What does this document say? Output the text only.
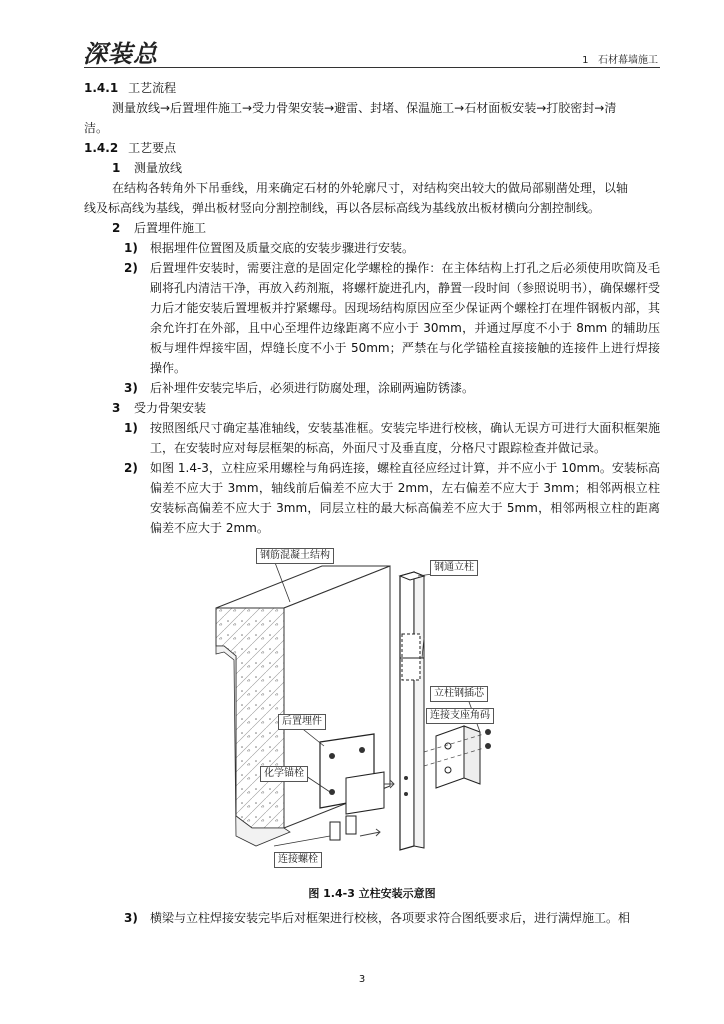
深装总	1 石材幕墙施工
1.4.1 工艺流程
测量放线→后置埋件施工→受力骨架安装→避雷、封堵、保温施工→石材面板安装→打胶密封→清
洁。
1.4.2 工艺要点
1 测量放线
在结构各转角外下吊垂线，用来确定石材的外轮廓尺寸，对结构突出较大的做局部剔凿处理，以轴
线及标高线为基线，弹出板材竖向分割控制线，再以各层标高线为基线放出板材横向分割控制线。
2 后置埋件施工
1)	根据埋件位置图及质量交底的安装步骤进行安装。
2)	后置埋件安装时，需要注意的是固定化学螺栓的操作：在主体结构上打孔之后必须使用吹筒及毛刷将孔内清洁干净，再放入药剂瓶，将螺杆旋进孔内，静置一段时间（参照说明书），确保螺杆受力后才能安装后置埋板并拧紧螺母。因现场结构原因应至少保证两个螺栓打在埋件钢板内部，其余允许打在外部，且中心至埋件边缘距离不应小于 30mm，并通过厚度不小于 8mm 的辅助压板与埋件焊接牢固，焊缝长度不小于 50mm；严禁在与化学锚栓直接接触的连接件上进行焊接操作。
3)	后补埋件安装完毕后，必须进行防腐处理，涂刷两遍防锈漆。
3 受力骨架安装
1)	按照图纸尺寸确定基准轴线，安装基准框。安装完毕进行校核，确认无误方可进行大面积框架施工，在安装时应对每层框架的标高，外面尺寸及垂直度，分格尺寸跟踪检查并做记录。
2)	如图 1.4-3，立柱应采用螺栓与角码连接，螺栓直径应经过计算，并不应小于 10mm。安装标高偏差不应大于 3mm，轴线前后偏差不应大于 2mm，左右偏差不应大于 3mm；相邻两根立柱安装标高偏差不应大于 3mm，同层立柱的最大标高偏差不应大于 5mm，相邻两根立柱的距离偏差不应大于 2mm。
钢筋混凝土结构
钢通立柱
立柱钢插芯
连接支座角码
后置埋件
化学锚栓
连接螺栓
图 1.4-3 立柱安装示意图
3)	横梁与立柱焊接安装完毕后对框架进行校核，各项要求符合图纸要求后，进行满焊施工。相
3
